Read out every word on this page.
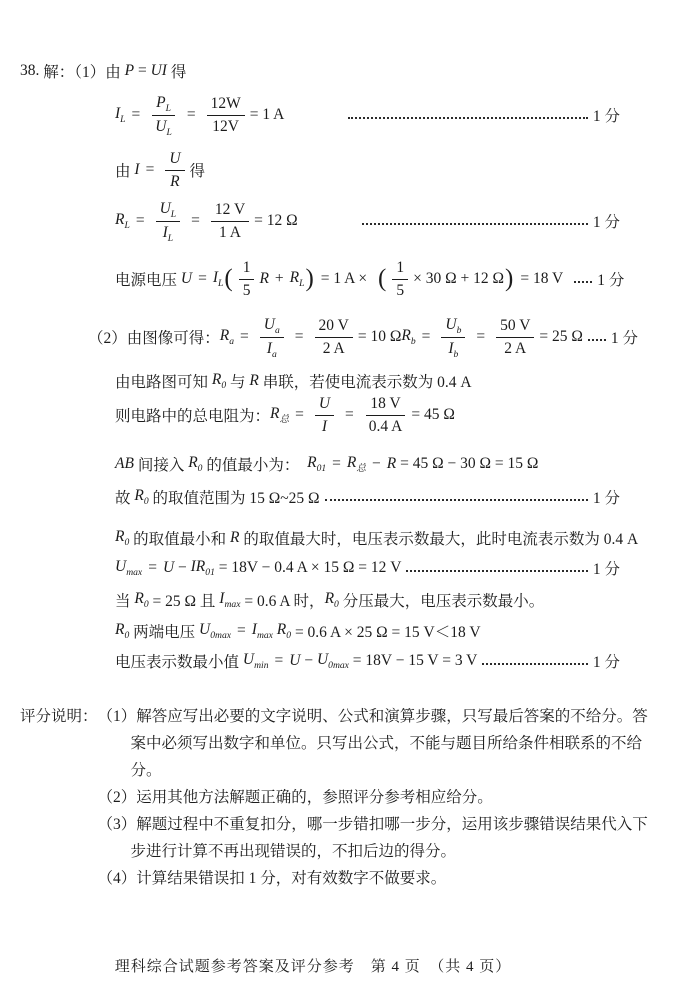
38. 解：（1）由 P = UI 得
$I_L = \frac{P_L}{U_L} = \frac{12W}{12V} = 1$ A	1 分
由 $I = \frac{U}{R}$ 得
$R_L = \frac{U_L}{I_L} = \frac{12 V}{1 A} = 12$ Ω	1 分
电源电压 $U = I_L$ ( $\frac{1}{5}$ $R + R_L$ ) = 1 A × ( $\frac{1}{5} \times 30$ Ω + 12 Ω ) = 18 V 1 分
（2）由图像可得： $R_a = \frac{U_a}{I_a} = \frac{20 V}{2 A} = 10$ Ω $R_b = \frac{U_b}{I_b} = \frac{50 V}{2 A} = 25$ Ω 1 分
由电路图可知 $R_0$ 与 R 串联，若使电流表示数为 0.4 A
则电路中的总电阻为： $R_总 = \frac{U}{I} = \frac{18 V}{0.4 A} = 45$ Ω
AB 间接入 $R_0$ 的值最小为： $R_{01} = R_总 - R = 45$ Ω − 30 Ω = 15 Ω
故 $R_0$ 的取值范围为 15 Ω~25 Ω	1 分
$R_0$ 的取值最小和 R 的取值最大时，电压表示数最大，此时电流表示数为 0.4 A
$U_{max} = U - IR_{01} = 18V - 0.4$ A × 15 Ω = 12 V	1 分
当 $R_0 = 25$ Ω 且 $I_{max} = 0.6$ A 时， $R_0$ 分压最大，电压表示数最小。
$R_0$ 两端电压 $U_{0max} = I_{max}$ $R_0 = 0.6$ A × 25 Ω = 15 V＜18 V
电压表示数最小值 $U_{min} = U - U_{0max} = 18V - 15$ V = 3 V	1 分
评分说明： （1）解答应写出必要的文字说明、公式和演算步骤，只写最后答案的不给分。答案中必须写出数字和单位。只写出公式，不能与题目所给条件相联系的不给分。

（2）运用其他方法解题正确的，参照评分参考相应给分。

（3）解题过程中不重复扣分，哪一步错扣哪一步分，运用该步骤错误结果代入下步进行计算不再出现错误的，不扣后边的得分。

（4）计算结果错误扣 1 分，对有效数字不做要求。

理科综合试题参考答案及评分参考　第 4 页　（共 4 页）
